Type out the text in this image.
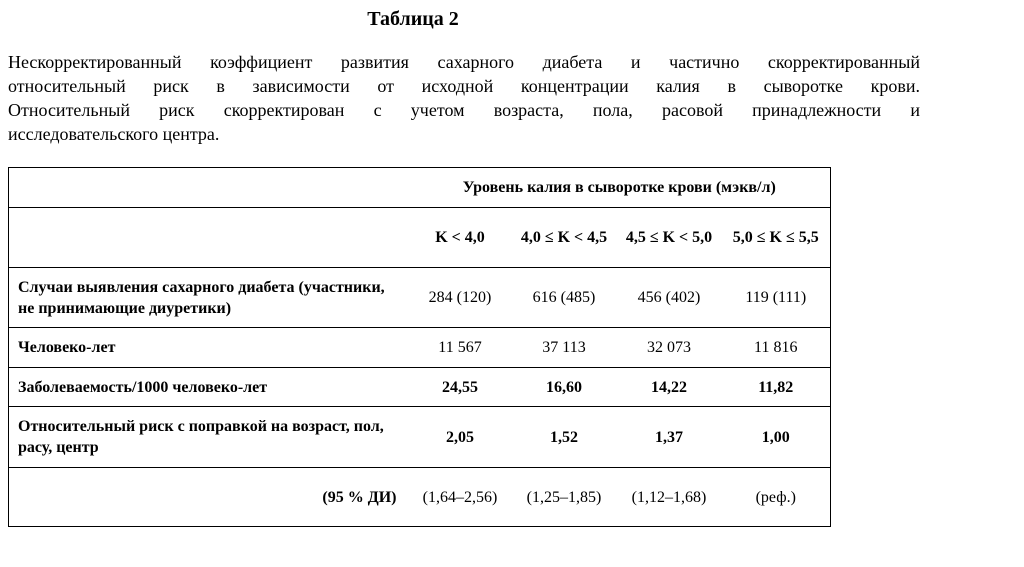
Таблица 2

Нескорректированный коэффициент развития сахарного диабета и частично скорректированный
относительный риск в зависимости от исходной концентрации калия в сыворотке крови.
Относительный риск скорректирован с учетом возраста, пола, расовой принадлежности и
исследовательского центра.

	Уровень калия в сыворотке крови (мэкв/л)			
	K < 4,0	4,0 ≤ K < 4,5	4,5 ≤ K < 5,0	5,0 ≤ K ≤ 5,5
Случаи выявления сахарного диабета (участники, не принимающие диуретики)	284 (120)	616 (485)	456 (402)	119 (111)
Человеко-лет	11 567	37 113	32 073	11 816
Заболеваемость/1000 человеко-лет	24,55	16,60	14,22	11,82
Относительный риск с поправкой на возраст, пол, расу, центр	2,05	1,52	1,37	1,00
(95 % ДИ)	(1,64–2,56)	(1,25–1,85)	(1,12–1,68)	(реф.)
